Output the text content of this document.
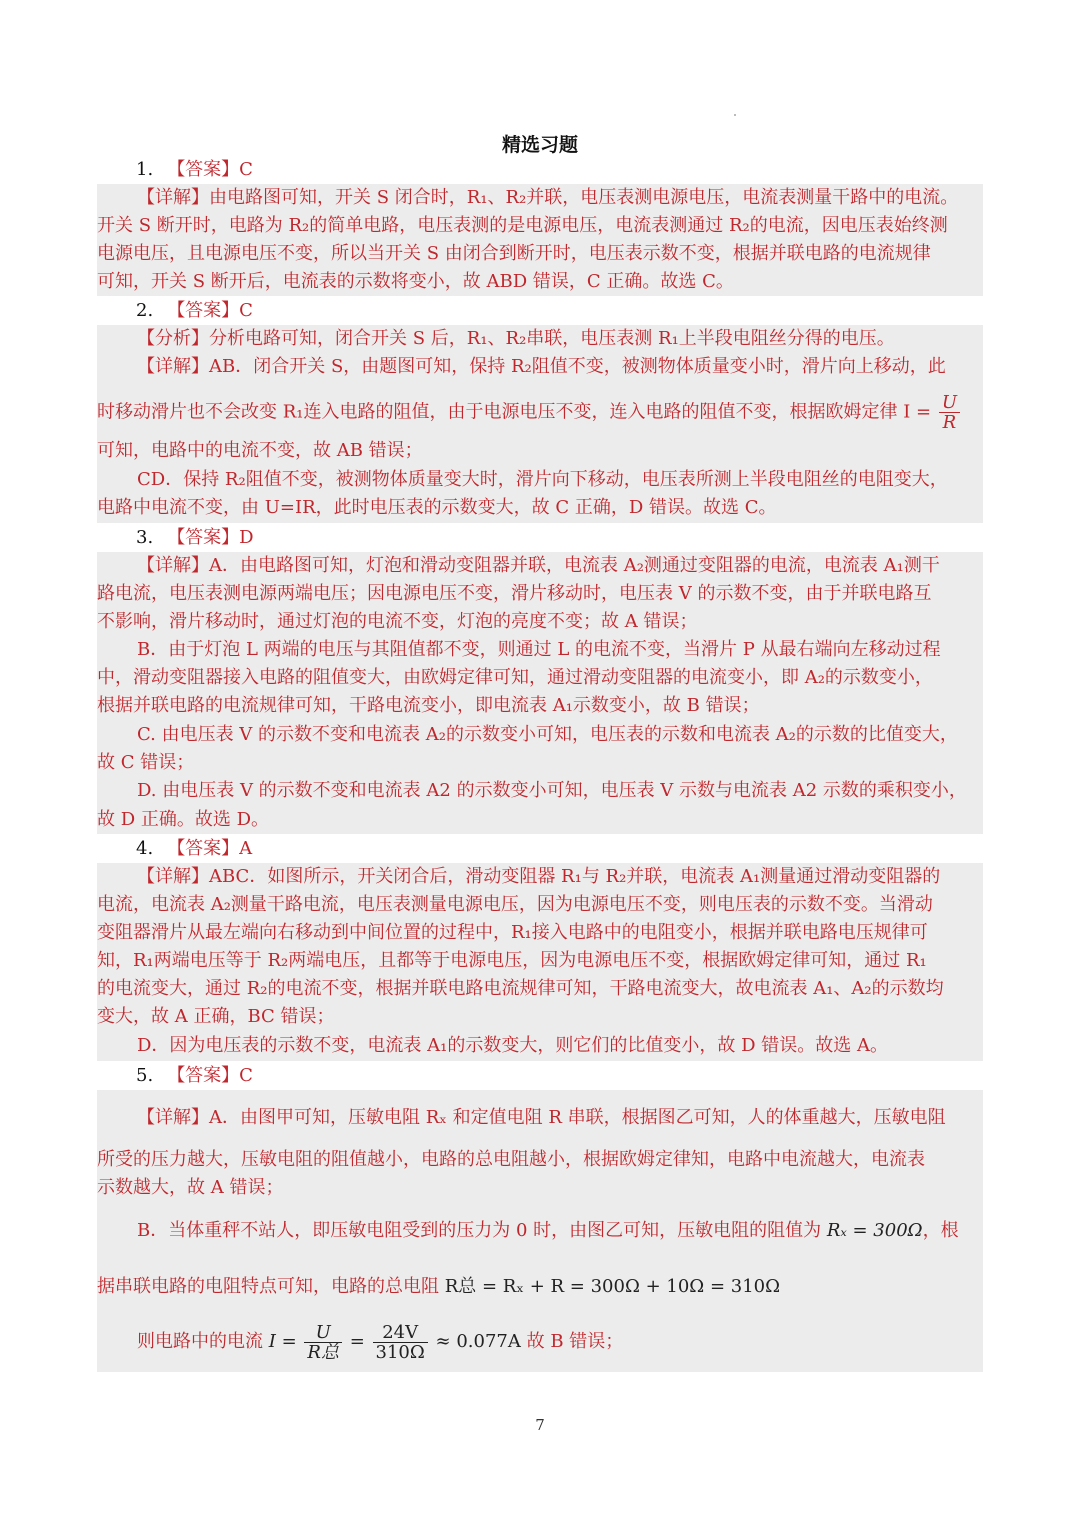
精选习题
1. 【答案】C
【详解】由电路图可知，开关 S 闭合时，R₁、R₂并联，电压表测电源电压，电流表测量干路中的电流。
开关 S 断开时，电路为 R₂的简单电路，电压表测的是电源电压，电流表测通过 R₂的电流，因电压表始终测
电源电压，且电源电压不变，所以当开关 S 由闭合到断开时，电压表示数不变，根据并联电路的电流规律
可知，开关 S 断开后，电流表的示数将变小，故 ABD 错误，C 正确。故选 C。
2. 【答案】C
【分析】分析电路可知，闭合开关 S 后，R₁、R₂串联，电压表测 R₁上半段电阻丝分得的电压。
【详解】AB．闭合开关 S，由题图可知，保持 R₂阻值不变，被测物体质量变小时，滑片向上移动，此
时移动滑片也不会改变 R₁连入电路的阻值，由于电源电压不变，连入电路的阻值不变，根据欧姆定律 $I = \frac{U}{R}$
可知，电路中的电流不变，故 AB 错误；
CD．保持 R₂阻值不变，被测物体质量变大时，滑片向下移动，电压表所测上半段电阻丝的电阻变大，
电路中电流不变，由 U=IR，此时电压表的示数变大，故 C 正确，D 错误。故选 C。
3. 【答案】D
【详解】A．由电路图可知，灯泡和滑动变阻器并联，电流表 A₂测通过变阻器的电流，电流表 A₁测干
路电流，电压表测电源两端电压；因电源电压不变，滑片移动时，电压表 V 的示数不变，由于并联电路互
不影响，滑片移动时，通过灯泡的电流不变，灯泡的亮度不变；故 A 错误；
B．由于灯泡 L 两端的电压与其阻值都不变，则通过 L 的电流不变，当滑片 P 从最右端向左移动过程
中，滑动变阻器接入电路的阻值变大，由欧姆定律可知，通过滑动变阻器的电流变小，即 A₂的示数变小，
根据并联电路的电流规律可知，干路电流变小，即电流表 A₁示数变小，故 B 错误；
C. 由电压表 V 的示数不变和电流表 A₂的示数变小可知，电压表的示数和电流表 A₂的示数的比值变大，
故 C 错误；
D. 由电压表 V 的示数不变和电流表 A2 的示数变小可知，电压表 V 示数与电流表 A2 示数的乘积变小，
故 D 正确。故选 D。
4. 【答案】A
【详解】ABC．如图所示，开关闭合后，滑动变阻器 R₁与 R₂并联，电流表 A₁测量通过滑动变阻器的
电流，电流表 A₂测量干路电流，电压表测量电源电压，因为电源电压不变，则电压表的示数不变。当滑动
变阻器滑片从最左端向右移动到中间位置的过程中，R₁接入电路中的电阻变小，根据并联电路电压规律可
知，R₁两端电压等于 R₂两端电压，且都等于电源电压，因为电源电压不变，根据欧姆定律可知，通过 R₁
的电流变大，通过 R₂的电流不变，根据并联电路电流规律可知，干路电流变大，故电流表 A₁、A₂的示数均
变大，故 A 正确，BC 错误；
D．因为电压表的示数不变，电流表 A₁的示数变大，则它们的比值变小，故 D 错误。故选 A。
5. 【答案】C
【详解】A．由图甲可知，压敏电阻 Rₓ 和定值电阻 R 串联，根据图乙可知，人的体重越大，压敏电阻
所受的压力越大，压敏电阻的阻值越小，电路的总电阻越小，根据欧姆定律知，电路中电流越大，电流表
示数越大，故 A 错误；
B．当体重秤不站人，即压敏电阻受到的压力为 0 时，由图乙可知，压敏电阻的阻值为 Rₓ = 300Ω，根
据串联电路的电阻特点可知，电路的总电阻 R总 = Rₓ + R = 300Ω + 10Ω = 310Ω
则电路中的电流 $I = \frac{U}{\text{R总}} = \frac{24V}{310\Omega} \approx 0.077A$ 故 B 错误；
7
